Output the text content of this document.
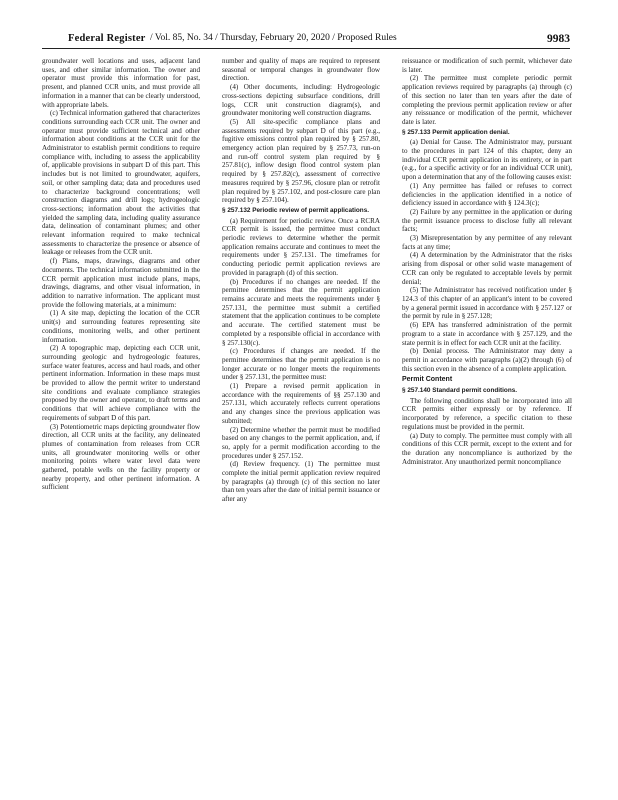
Federal Register / Vol. 85, No. 34 / Thursday, February 20, 2020 / Proposed Rules	9983

groundwater well locations and uses, adjacent land uses, and other similar information. The owner and operator must provide this information for past, present, and planned CCR units, and must provide all information in a manner that can be clearly understood, with appropriate labels.

(c) Technical information gathered that characterizes conditions surrounding each CCR unit. The owner and operator must provide sufficient technical and other information about conditions at the CCR unit for the Administrator to establish permit conditions to require compliance with, including to assess the applicability of, applicable provisions in subpart D of this part. This includes but is not limited to groundwater, aquifers, soil, or other sampling data; data and procedures used to characterize background concentrations; well construction diagrams and drill logs; hydrogeologic cross-sections; information about the activities that yielded the sampling data, including quality assurance data, delineation of contaminant plumes; and other relevant information required to make technical assessments to characterize the presence or absence of leakage or releases from the CCR unit.

(f) Plans, maps, drawings, diagrams and other documents. The technical information submitted in the CCR permit application must include plans, maps, drawings, diagrams, and other visual information, in addition to narrative information. The applicant must provide the following materials, at a minimum:

(1) A site map, depicting the location of the CCR unit(s) and surrounding features representing site conditions, monitoring wells, and other pertinent information.

(2) A topographic map, depicting each CCR unit, surrounding geologic and hydrogeologic features, surface water features, access and haul roads, and other pertinent information. Information in these maps must be provided to allow the permit writer to understand site conditions and evaluate compliance strategies proposed by the owner and operator, to draft terms and conditions that will achieve compliance with the requirements of subpart D of this part.

(3) Potentiometric maps depicting groundwater flow direction, all CCR units at the facility, any delineated plumes of contamination from releases from CCR units, all groundwater monitoring wells or other monitoring points where water level data were gathered, potable wells on the facility property or nearby property, and other pertinent information. A sufficient

number and quality of maps are required to represent seasonal or temporal changes in groundwater flow direction.

(4) Other documents, including: Hydrogeologic cross-sections depicting subsurface conditions, drill logs, CCR unit construction diagram(s), and groundwater monitoring well construction diagrams.

(5) All site-specific compliance plans and assessments required by subpart D of this part (e.g., fugitive emissions control plan required by § 257.80, emergency action plan required by § 257.73, run-on and run-off control system plan required by § 257.81(c), inflow design flood control system plan required by § 257.82(c), assessment of corrective measures required by § 257.96, closure plan or retrofit plan required by § 257.102, and post-closure care plan required by § 257.104).

§ 257.132 Periodic review of permit applications.

(a) Requirement for periodic review. Once a RCRA CCR permit is issued, the permittee must conduct periodic reviews to determine whether the permit application remains accurate and continues to meet the requirements under § 257.131. The timeframes for conducting periodic permit application reviews are provided in paragraph (d) of this section.

(b) Procedures if no changes are needed. If the permittee determines that the permit application remains accurate and meets the requirements under § 257.131, the permittee must submit a certified statement that the application continues to be complete and accurate. The certified statement must be completed by a responsible official in accordance with § 257.130(c).

(c) Procedures if changes are needed. If the permittee determines that the permit application is no longer accurate or no longer meets the requirements under § 257.131, the permittee must:

(1) Prepare a revised permit application in accordance with the requirements of §§ 257.130 and 257.131, which accurately reflects current operations and any changes since the previous application was submitted;

(2) Determine whether the permit must be modified based on any changes to the permit application, and, if so, apply for a permit modification according to the procedures under § 257.152.

(d) Review frequency. (1) The permittee must complete the initial permit application review required by paragraphs (a) through (c) of this section no later than ten years after the date of initial permit issuance or after any

reissuance or modification of such permit, whichever date is later.

(2) The permittee must complete periodic permit application reviews required by paragraphs (a) through (c) of this section no later than ten years after the date of completing the previous permit application review or after any reissuance or modification of the permit, whichever date is later.

§ 257.133 Permit application denial.

(a) Denial for Cause. The Administrator may, pursuant to the procedures in part 124 of this chapter, deny an individual CCR permit application in its entirety, or in part (e.g., for a specific activity or for an individual CCR unit), upon a determination that any of the following causes exist:

(1) Any permittee has failed or refuses to correct deficiencies in the application identified in a notice of deficiency issued in accordance with § 124.3(c);

(2) Failure by any permittee in the application or during the permit issuance process to disclose fully all relevant facts;

(3) Misrepresentation by any permittee of any relevant facts at any time;

(4) A determination by the Administrator that the risks arising from disposal or other solid waste management of CCR can only be regulated to acceptable levels by permit denial;

(5) The Administrator has received notification under § 124.3 of this chapter of an applicant's intent to be covered by a general permit issued in accordance with § 257.127 or the permit by rule in § 257.128;

(6) EPA has transferred administration of the permit program to a state in accordance with § 257.129, and the state permit is in effect for each CCR unit at the facility.

(b) Denial process. The Administrator may deny a permit in accordance with paragraphs (a)(2) through (6) of this section even in the absence of a complete application.

Permit Content

§ 257.140 Standard permit conditions.

The following conditions shall be incorporated into all CCR permits either expressly or by reference. If incorporated by reference, a specific citation to these regulations must be provided in the permit.

(a) Duty to comply. The permittee must comply with all conditions of this CCR permit, except to the extent and for the duration any noncompliance is authorized by the Administrator. Any unauthorized permit noncompliance
